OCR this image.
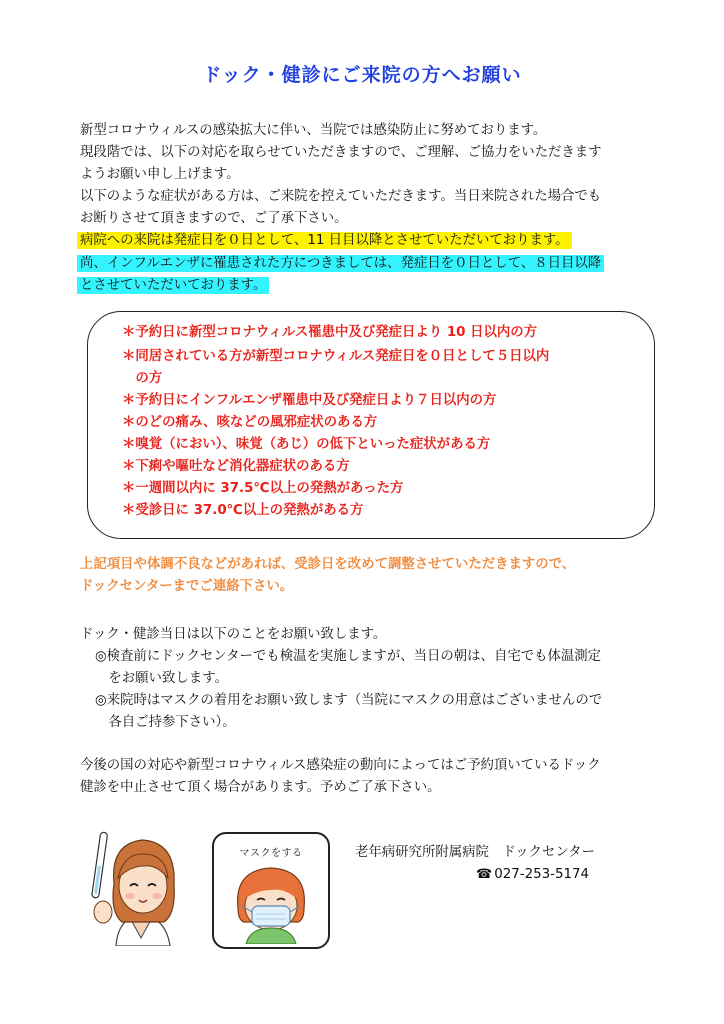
ドック・健診にご来院の方へお願い
新型コロナウィルスの感染拡大に伴い、当院では感染防止に努めております。
現段階では、以下の対応を取らせていただきますので、ご理解、ご協力をいただきます
ようお願い申し上げます。
以下のような症状がある方は、ご来院を控えていただきます。当日来院された場合でも
お断りさせて頂きますので、ご了承下さい。
病院への来院は発症日を０日として、11 日目以降とさせていただいております。
尚、インフルエンザに罹患された方につきましては、発症日を０日として、８日目以降
とさせていただいております。
＊予約日に新型コロナウィルス罹患中及び発症日より 10 日以内の方
＊同居されている方が新型コロナウィルス発症日を０日として５日以内
　の方
＊予約日にインフルエンザ罹患中及び発症日より７日以内の方
＊のどの痛み、咳などの風邪症状のある方
＊嗅覚（におい）、味覚（あじ）の低下といった症状がある方
＊下痢や嘔吐など消化器症状のある方
＊一週間以内に 37.5℃以上の発熱があった方
＊受診日に 37.0℃以上の発熱がある方
上記項目や体調不良などがあれば、受診日を改めて調整させていただきますので、
ドックセンターまでご連絡下さい。
ドック・健診当日は以下のことをお願い致します。
◎検査前にドックセンターでも検温を実施しますが、当日の朝は、自宅でも体温測定
　をお願い致します。
◎来院時はマスクの着用をお願い致します（当院にマスクの用意はございませんので
　各自ご持参下さい）。
今後の国の対応や新型コロナウィルス感染症の動向によってはご予約頂いているドック
健診を中止させて頂く場合があります。予めご了承下さい。
マスクをする	老年病研究所附属病院　ドックセンター
☎ 027-253-5174
